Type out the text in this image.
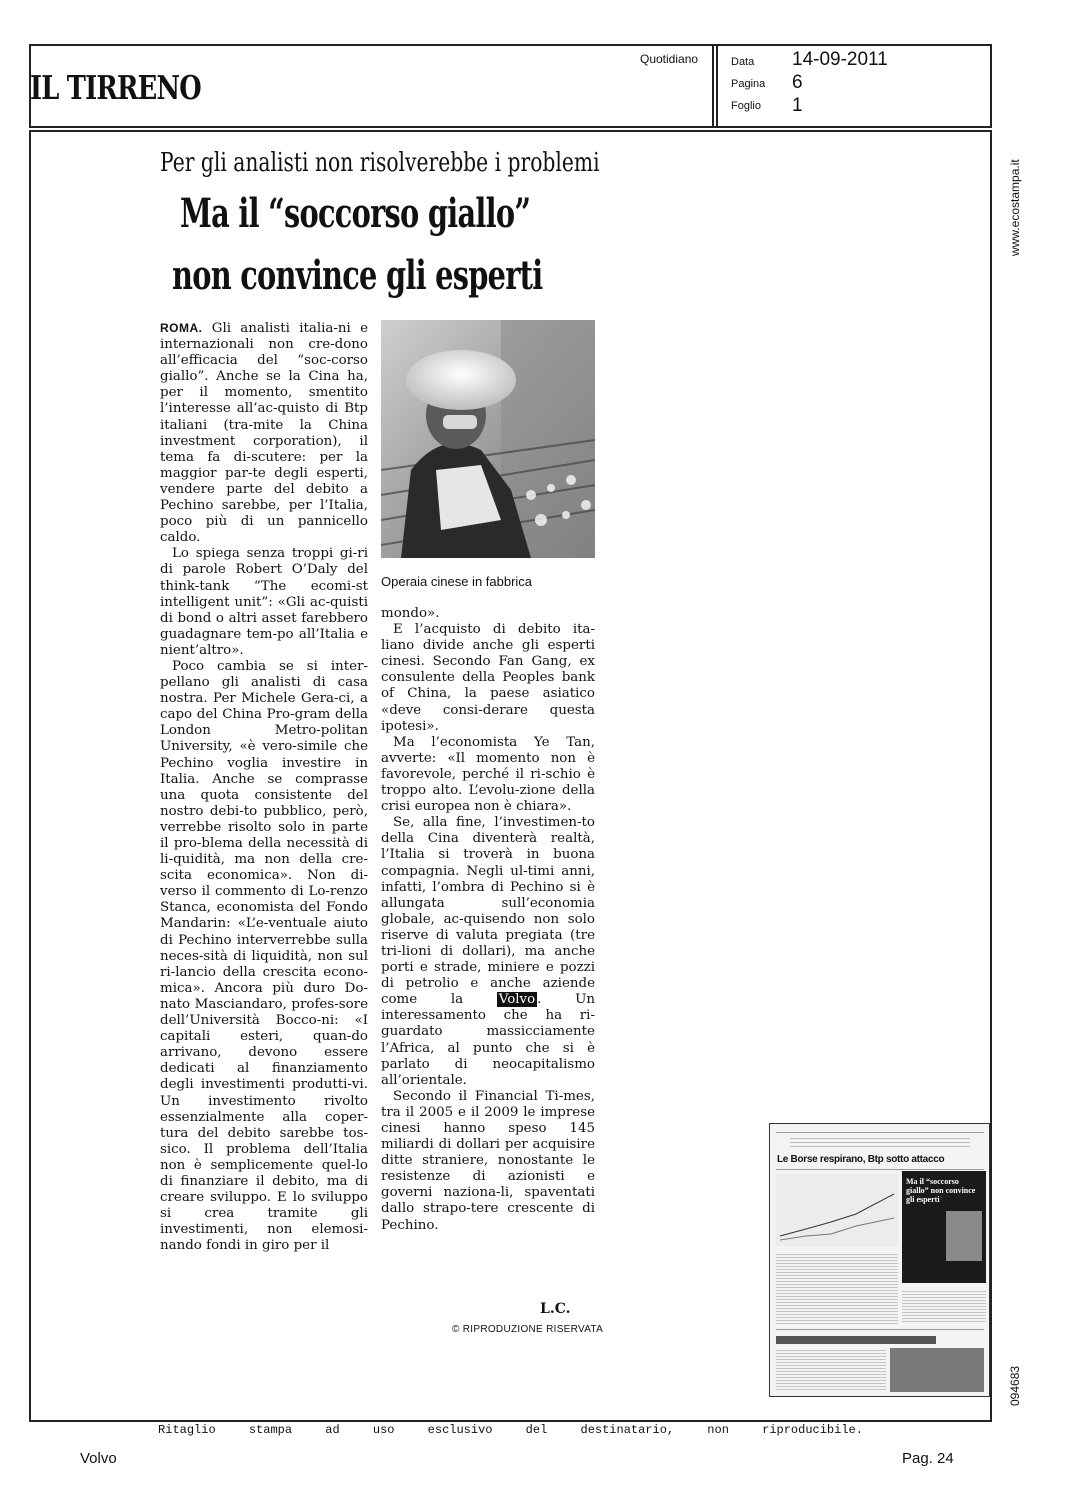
IL TIRRENO
Quotidiano	Data 14-09-2011
Pagina 6
Foglio 1
www.ecostampa.it
094683
Per gli analisti non risolverebbe i problemi
Ma il “soccorso giallo”
non convince gli esperti

ROMA. Gli analisti italia-ni e internazionali non cre-dono all’efficacia del “soc-corso giallo”. Anche se la Cina ha, per il momento, smentito l’interesse all’ac-quisto di Btp italiani (tra-mite la China investment corporation), il tema fa di-scutere: per la maggior par-te degli esperti, vendere parte del debito a Pechino sarebbe, per l’Italia, poco più di un pannicello caldo.

Lo spiega senza troppi gi-ri di parole Robert O’Daly del think-tank “The ecomi-st intelligent unit”: «Gli ac-quisti di bond o altri asset farebbero guadagnare tem-po all’Italia e nient’altro».

Poco cambia se si inter-pellano gli analisti di casa nostra. Per Michele Gera-ci, a capo del China Pro-gram della London Metro-politan University, «è vero-simile che Pechino voglia investire in Italia. Anche se comprasse una quota consistente del nostro debi-to pubblico, però, verrebbe risolto solo in parte il pro-blema della necessità di li-quidità, ma non della cre-scita economica». Non di-verso il commento di Lo-renzo Stanca, economista del Fondo Mandarin: «L’e-ventuale aiuto di Pechino interverrebbe sulla neces-sità di liquidità, non sul ri-lancio della crescita econo-mica». Ancora più duro Do-nato Masciandaro, profes-sore dell’Università Bocco-ni: «I capitali esteri, quan-do arrivano, devono essere dedicati al finanziamento degli investimenti produtti-vi. Un investimento rivolto essenzialmente alla coper-tura del debito sarebbe tos-sico. Il problema dell’Italia non è semplicemente quel-lo di finanziare il debito, ma di creare sviluppo. E lo sviluppo si crea tramite gli investimenti, non elemosi-nando fondi in giro per il

Operaia cinese in fabbrica

mondo».

E l’acquisto di debito ita-liano divide anche gli esperti cinesi. Secondo Fan Gang, ex consulente della Peoples bank of China, la paese asiatico «deve consi-derare questa ipotesi».

Ma l’economista Ye Tan, avverte: «Il momento non è favorevole, perché il ri-schio è troppo alto. L’evolu-zione della crisi europea non è chiara».

Se, alla fine, l’investimen-to della Cina diventerà realtà, l’Italia si troverà in buona compagnia. Negli ul-timi anni, infatti, l’ombra di Pechino si è allungata sull’economia globale, ac-quisendo non solo riserve di valuta pregiata (tre tri-lioni di dollari), ma anche porti e strade, miniere e pozzi di petrolio e anche aziende come la	Volvo . Un interessamento che ha ri-guardato massicciamente l’Africa, al punto che si è parlato di neocapitalismo all’orientale.

Secondo il Financial Ti-mes, tra il 2005 e il 2009 le imprese cinesi hanno speso 145 miliardi di dollari per acquisire ditte straniere, nonostante le resistenze di azionisti e governi naziona-li, spaventati dallo strapo-tere crescente di Pechino.

L.C.
© RIPRODUZIONE RISERVATA
Le Borse respirano, Btp sotto attacco
Ma il “soccorso giallo” non convince gli esperti
Ritaglio stampa ad uso esclusivo del destinatario, non riproducibile.
Volvo	Pag. 24
